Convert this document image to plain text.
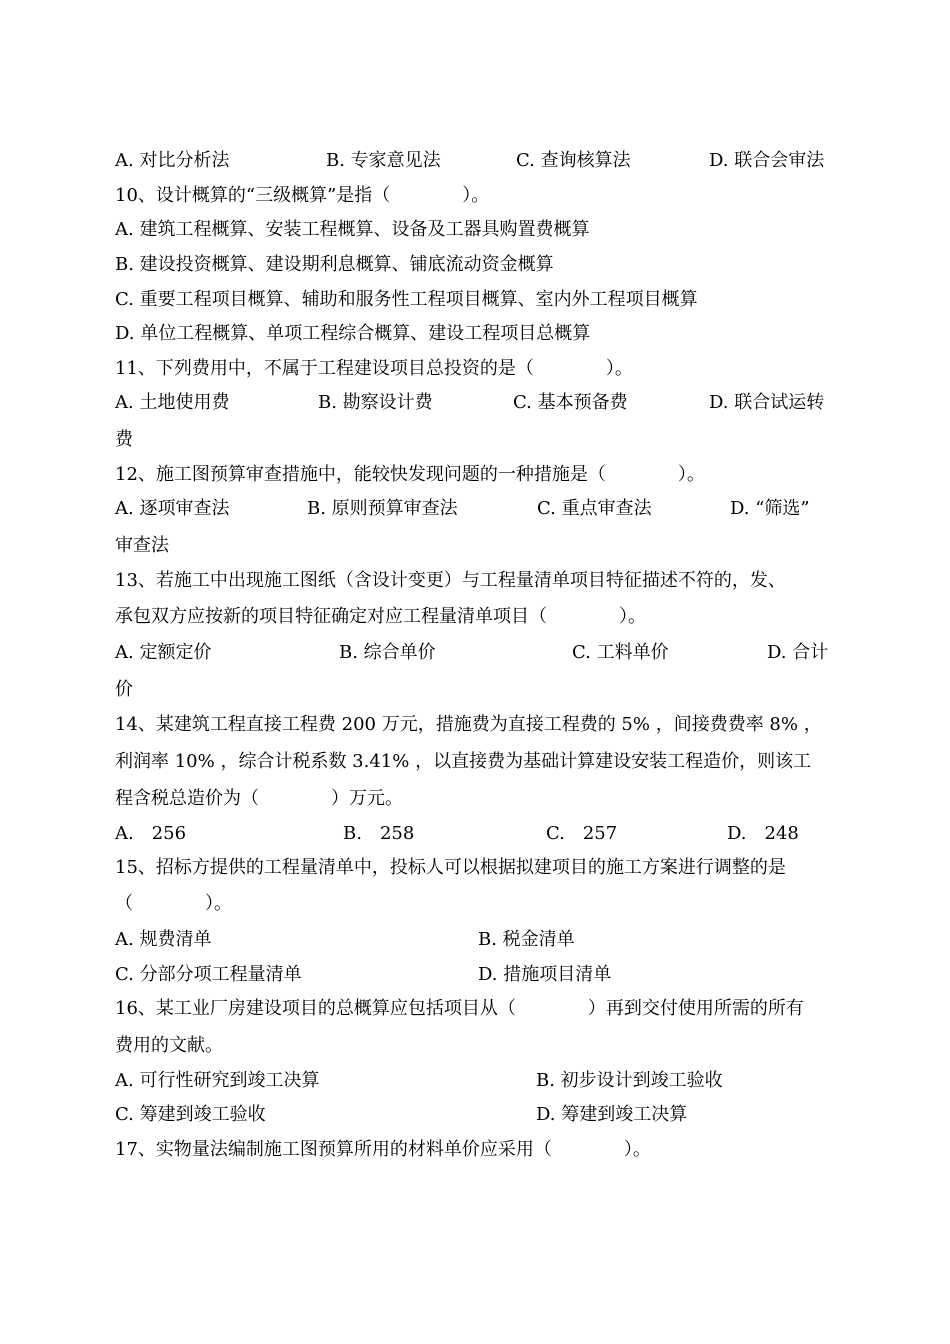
A. 对比分析法	B. 专家意见法	C. 查询核算法	D. 联合会审法
10、设计概算的“三级概算”是指（　　　　）。
A. 建筑工程概算、安装工程概算、设备及工器具购置费概算
B. 建设投资概算、建设期利息概算、铺底流动资金概算
C. 重要工程项目概算、辅助和服务性工程项目概算、室内外工程项目概算
D. 单位工程概算、单项工程综合概算、建设工程项目总概算
11、下列费用中，不属于工程建设项目总投资的是（　　　　）。
A. 土地使用费	B. 勘察设计费	C. 基本预备费	D. 联合试运转
费
12、施工图预算审查措施中，能较快发现问题的一种措施是（　　　　）。
A. 逐项审查法	B. 原则预算审查法	C. 重点审查法	D. “筛选”
审查法
13、若施工中出现施工图纸（含设计变更）与工程量清单项目特征描述不符的，发、
承包双方应按新的项目特征确定对应工程量清单项目（　　　　）。
A. 定额定价	B. 综合单价	C. 工料单价	D. 合计
价
14、某建筑工程直接工程费 200 万元，措施费为直接工程费的 5% ，间接费费率 8% ，
利润率 10% ，综合计税系数 3.41% ，以直接费为基础计算建设安装工程造价，则该工
程含税总造价为（　　　　）万元。
A.　256	B.　258	C.　257	D.　248
15、招标方提供的工程量清单中，投标人可以根据拟建项目的施工方案进行调整的是
（　　　　）。
A. 规费清单	B. 税金清单
C. 分部分项工程量清单	D. 措施项目清单
16、某工业厂房建设项目的总概算应包括项目从（　　　　）再到交付使用所需的所有
费用的文献。
A. 可行性研究到竣工决算	B. 初步设计到竣工验收
C. 筹建到竣工验收	D. 筹建到竣工决算
17、实物量法编制施工图预算所用的材料单价应采用（　　　　）。
